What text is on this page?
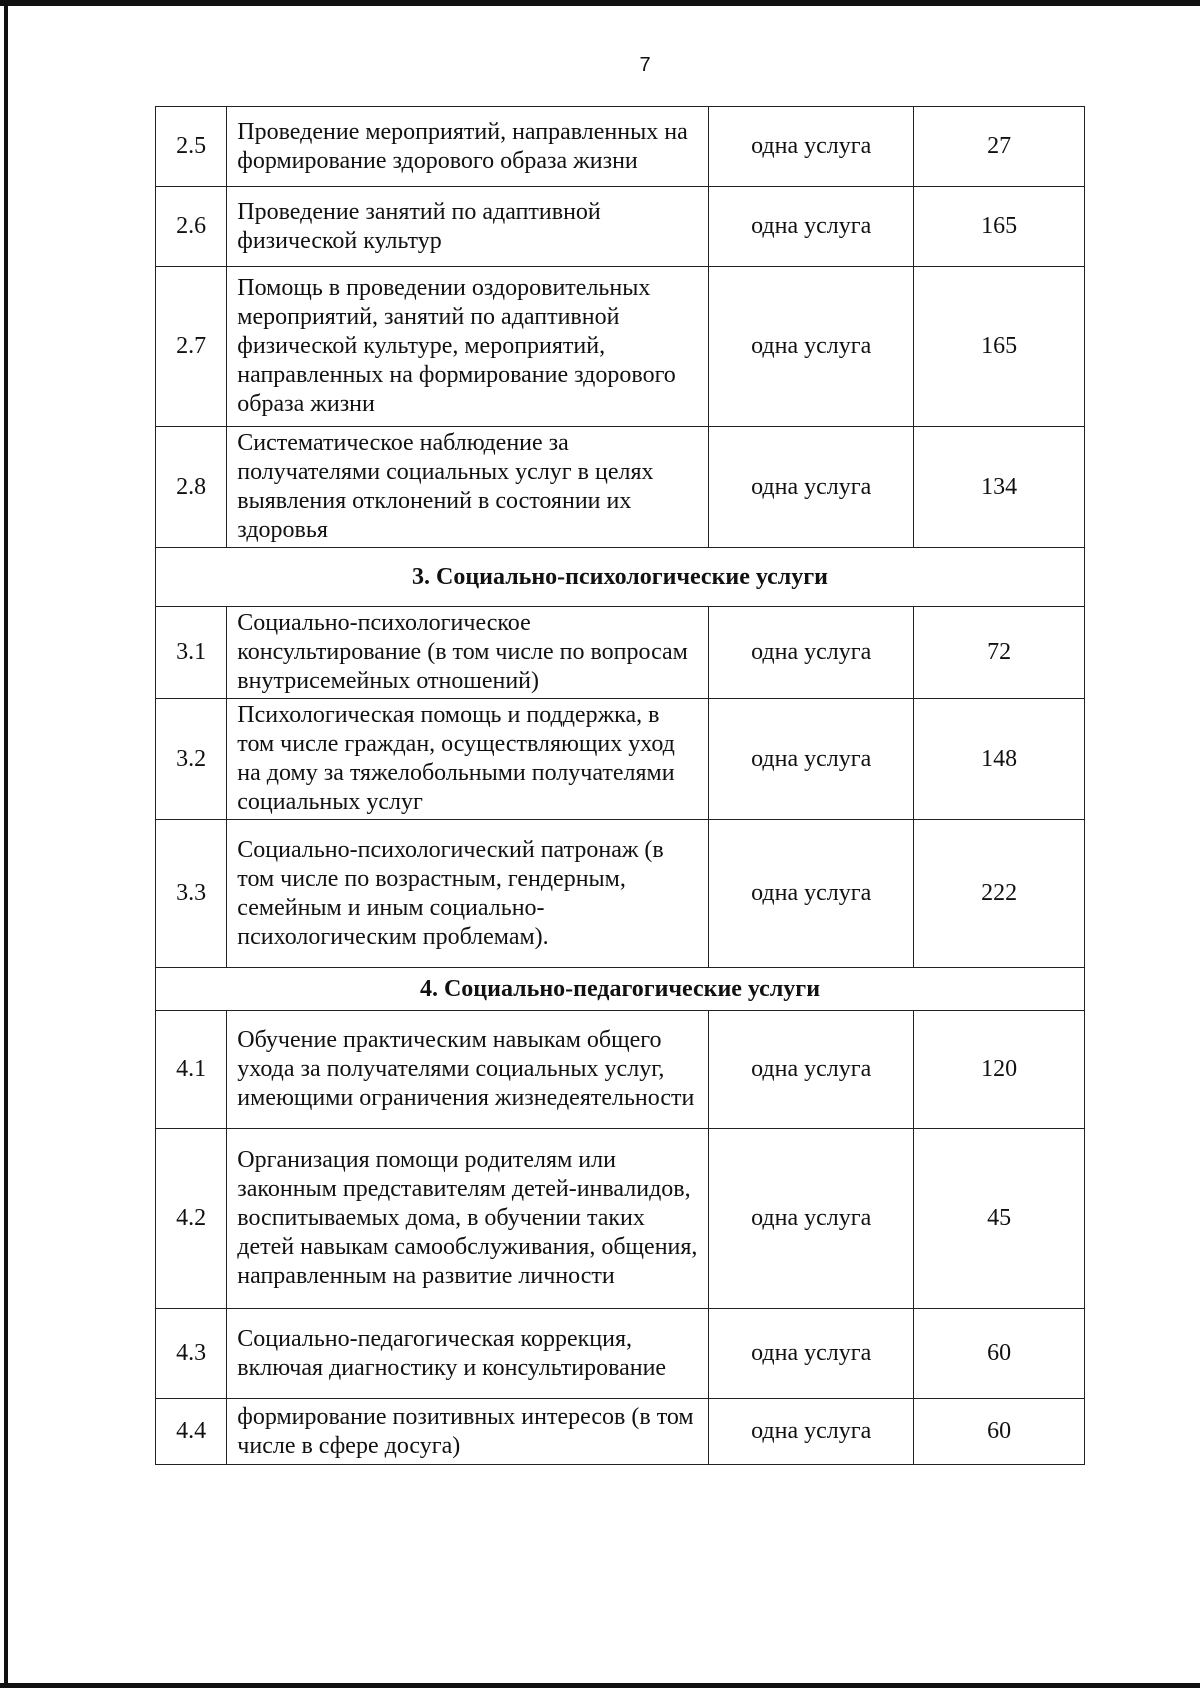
7
2.5	Проведение мероприятий, направленных на формирование здорового образа жизни	одна услуга	27
2.6	Проведение занятий по адаптивной физической культур	одна услуга	165
2.7	Помощь в проведении оздоровительных мероприятий, занятий по адаптивной физической культуре, мероприятий, направленных на формирование здорового образа жизни	одна услуга	165
2.8	Систематическое наблюдение за получателями социальных услуг в целях выявления отклонений в состоянии их здоровья	одна услуга	134
3. Социально-психологические услуги			
3.1	Социально-психологическое консультирование (в том числе по вопросам внутрисемейных отношений)	одна услуга	72
3.2	Психологическая помощь и поддержка, в том числе граждан, осуществляющих уход на дому за тяжелобольными получателями социальных услуг	одна услуга	148
3.3	Социально-психологический патронаж (в том числе по возрастным, гендерным, семейным и иным социально-психологическим проблемам).	одна услуга	222
4. Социально-педагогические услуги			
4.1	Обучение практическим навыкам общего ухода за получателями социальных услуг, имеющими ограничения жизнедеятельности	одна услуга	120
4.2	Организация помощи родителям или законным представителям детей-инвалидов, воспитываемых дома, в обучении таких детей навыкам самообслуживания, общения, направленным на развитие личности	одна услуга	45
4.3	Социально-педагогическая коррекция, включая диагностику и консультирование	одна услуга	60
4.4	формирование позитивных интересов (в том числе в сфере досуга)	одна услуга	60
